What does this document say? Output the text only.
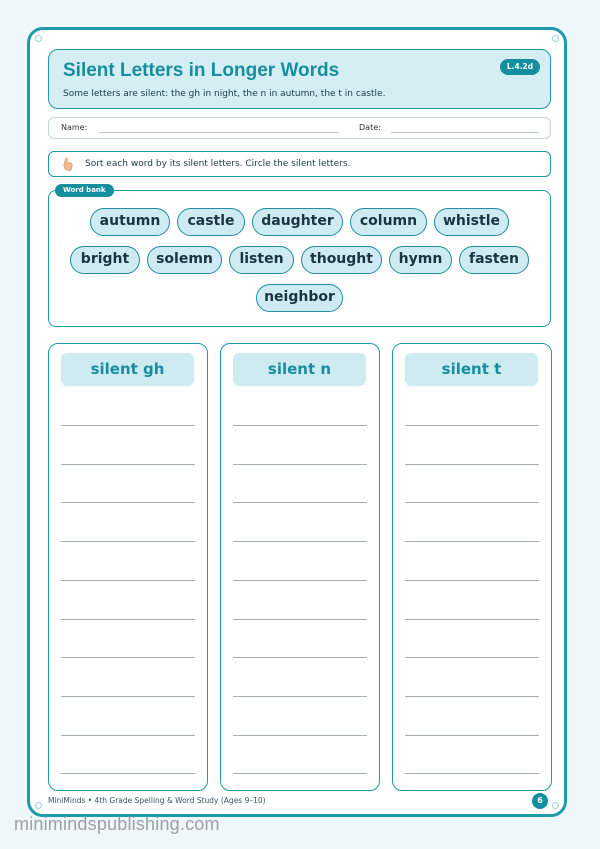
Silent Letters in Longer Words
Some letters are silent: the gh in night, the n in autumn, the t in castle.
L.4.2d
Name:	Date:
Sort each word by its silent letters. Circle the silent letters.
Word bank
autumn	castle	daughter	column	whistle
bright	solemn	listen	thought	hymn	fasten
neighbor
silent gh	silent n	silent t
MiniMinds • 4th Grade Spelling & Word Study (Ages 9–10)	6
minimindspublishing.com
